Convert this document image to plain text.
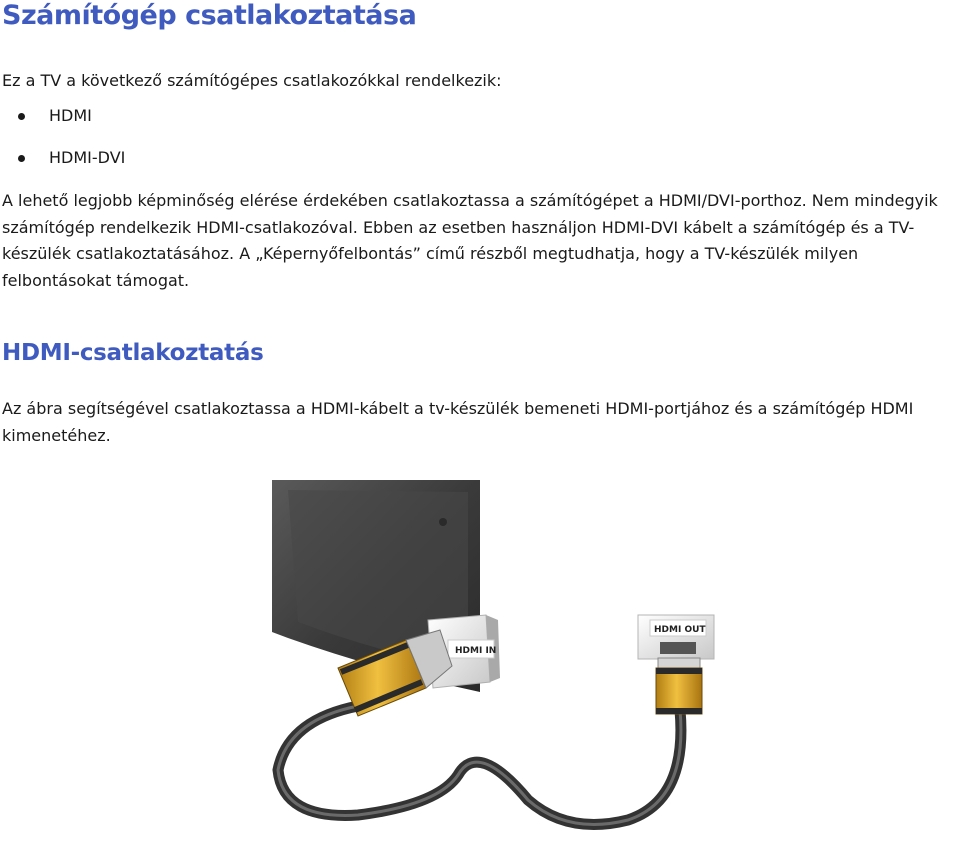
Számítógép csatlakoztatása

Ez a TV a következő számítógépes csatlakozókkal rendelkezik:

HDMI
HDMI-DVI

A lehető legjobb képminőség elérése érdekében csatlakoztassa a számítógépet a HDMI/DVI-porthoz. Nem mindegyik számítógép rendelkezik HDMI-csatlakozóval. Ebben az esetben használjon HDMI-DVI kábelt a számítógép és a TV-készülék csatlakoztatásához. A „Képernyőfelbontás” című részből megtudhatja, hogy a TV-készülék milyen felbontásokat támogat.

HDMI-csatlakoztatás

Az ábra segítségével csatlakoztassa a HDMI-kábelt a tv-készülék bemeneti HDMI-portjához és a számítógép HDMI kimenetéhez.

HDMI IN
HDMI OUT
